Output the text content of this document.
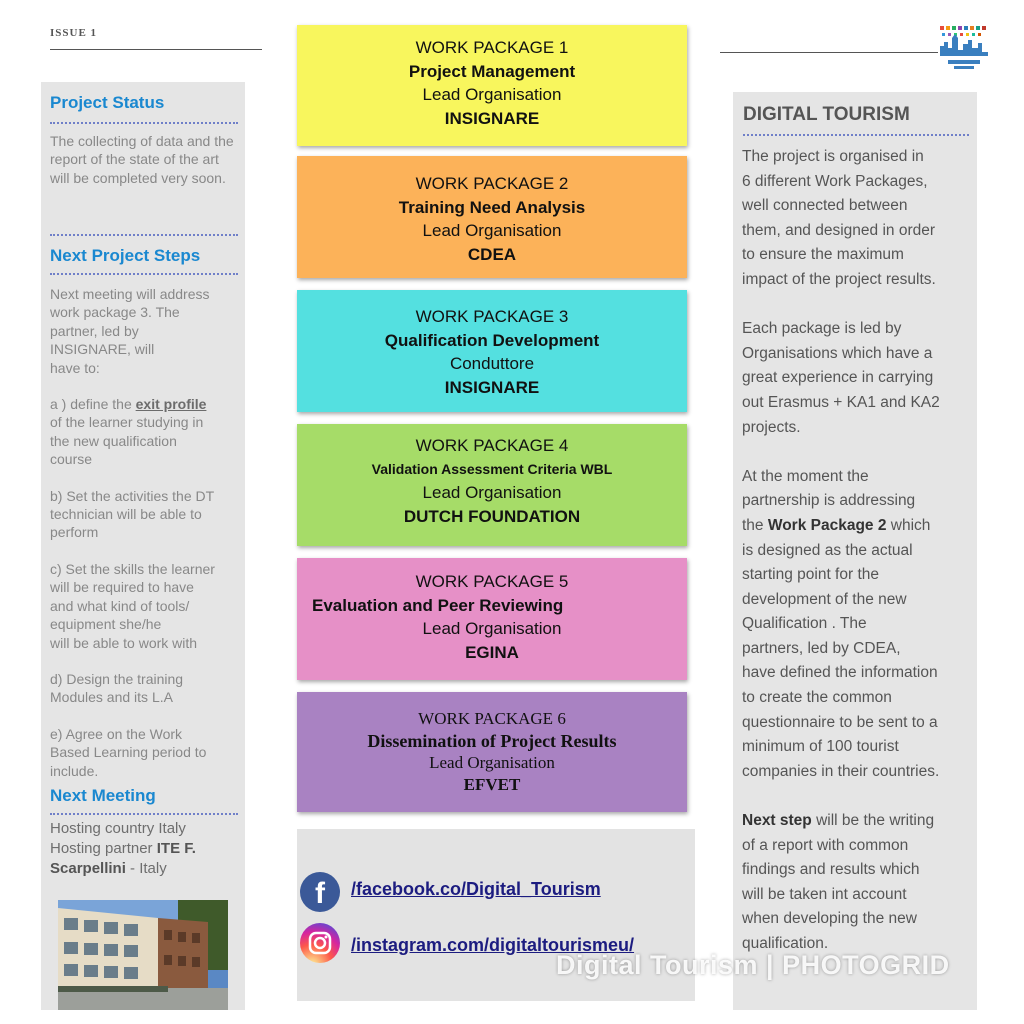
ISSUE 1
Project Status
The collecting of data and the report of the state of the art will be completed very soon.
Next Project Steps
Next meeting will address
work package 3. The
partner, led by
INSIGNARE, will
have to:
a ) define the exit profile
of the learner studying in
the new qualification
course
b) Set the activities the DT
technician will be able to
perform
c) Set the skills the learner
will be required to have
and what kind of tools/
equipment she/he
will be able to work with
d) Design the training
Modules and its L.A
e) Agree on the Work
Based Learning period to
include.
Next Meeting
Hosting country Italy
Hosting partner ITE F.
Scarpellini - Italy
WORK PACKAGE 1
Project Management
Lead Organisation
INSIGNARE
WORK PACKAGE 2
Training Need Analysis
Lead Organisation
CDEA
WORK PACKAGE 3
Qualification Development
Conduttore
INSIGNARE
WORK PACKAGE 4
Validation Assessment Criteria WBL
Lead Organisation
DUTCH FOUNDATION
WORK PACKAGE 5
Evaluation and Peer Reviewing
Lead Organisation
EGINA
WORK PACKAGE 6
Dissemination of Project Results
Lead Organisation
EFVET
f	/facebook.co/Digital_Tourism
/instagram.com/digitaltourismeu/
DIGITAL TOURISM

The project is organised in
6 different Work Packages,
well connected between
them, and designed in order
to ensure the maximum
impact of the project results.

Each package is led by
Organisations which have a
great experience in carrying
out Erasmus + KA1 and KA2
projects.

At the moment the
partnership is addressing
the Work Package 2 which
is designed as the actual
starting point for the
development of the new
Qualification . The
partners, led by CDEA,
have defined the information
to create the common
questionnaire to be sent to a
minimum of 100 tourist
companies in their countries.

Next step will be the writing
of a report with common
findings and results which
will be taken int account
when developing the new
qualification.

Digital Tourism | PHOTOGRID
